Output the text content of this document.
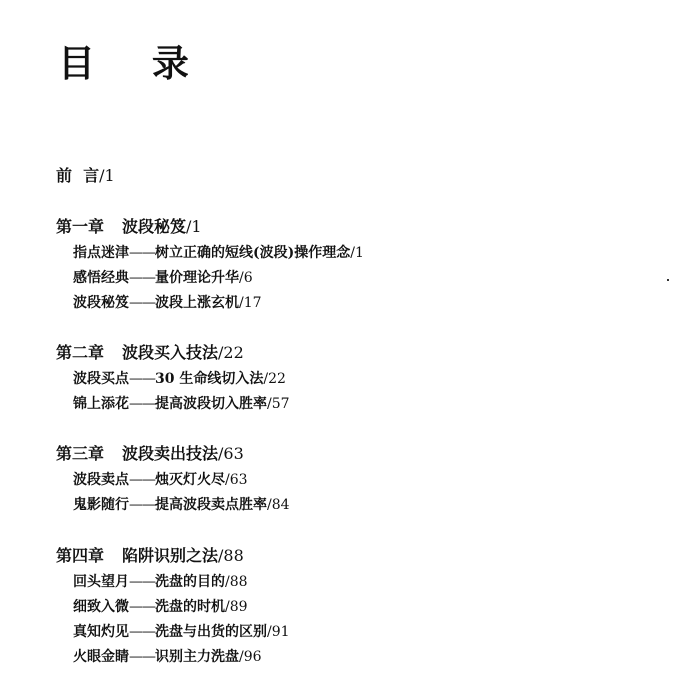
目 录
前  言/1
第一章 波段秘笈/1
指点迷津——树立正确的短线(波段)操作理念/1
感悟经典——量价理论升华/6
波段秘笈——波段上涨玄机/17
第二章 波段买入技法/22
波段买点——30 生命线切入法/22
锦上添花——提高波段切入胜率/57
第三章 波段卖出技法/63
波段卖点——烛灭灯火尽/63
鬼影随行——提高波段卖点胜率/84
第四章 陷阱识别之法/88
回头望月——洗盘的目的/88
细致入微——洗盘的时机/89
真知灼见——洗盘与出货的区别/91
火眼金睛——识别主力洗盘/96
